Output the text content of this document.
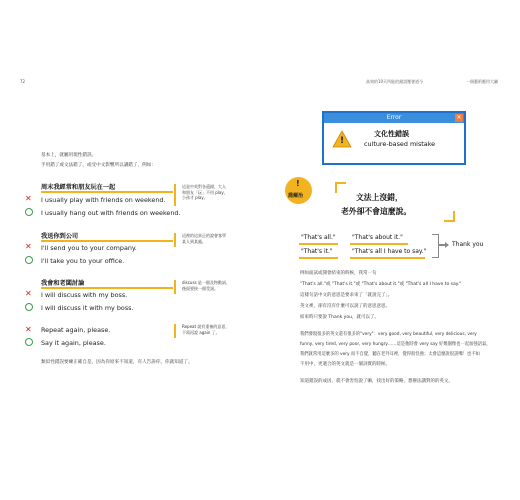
72
基本上，就屬用現性錯誤。
手用錯了或文法錯了，或受中文影響所以講錯了，例如：
周末我經常和朋友玩在一起
✕ I usually play with friends on weekend.
I usually hang out with friends on weekend.
這是中英對各還錯，大人
和朋友「玩」不用 play，
小孩才 play。
我送你到公司
✕ I'll send you to your company.
I'll take you to your office.
這裡的這真正的說會客學
某人到某處。
我會和老闆討論
✕ I will discuss with my boss.
I will discuss it with my boss.
discuss 是一個及物動詞，
後面要接一個受詞。
✕ Repeat again, please.
Say it again, please.
Repeat 就有重複的意思，
不需再說 again 了。
類似性錯誤要練正確自是，因為你原來不知道，有人告訴你，你就知道了。
高效的10天所能的錯誤壓會道今	一個藝術應用大屬
Error	✕
!
文化性錯誤
culture-based mistake
!
喬爾治	文法上沒錯，
老外卻不會這麼說。
"That's all."	"That's about it."
"That's it."	"That's all I have to say."
Thank you
例如面試或開會結束的時候，我常一句
"That's all."或 "That's it."或 "That's about it."或 "That's all I have to say."
這樣句話中文的意思是要求束了「就說完了」。
英文裡，卻有沒有什麼可以說了的意思意思。
結束時只要說 Thank you，就可以了。
我們發現很多的英文還有很多的"very"：very good, very beautiful, very delicious, very
funny, very tired, very poor, very hungry……這是他時會 very say 好幾個像也一起加強語氣，
我們就常用這麼多的 very 而不自覺，聽在老外耳裡，覺得很怪強；太會這麼說很誤嘴！也不如
不用中，更適合的英文就是一個詞實的時候。
知道錯誤的成因，就不會害怕說了嘛，找出好的策略，想辦法講對的的英文。
